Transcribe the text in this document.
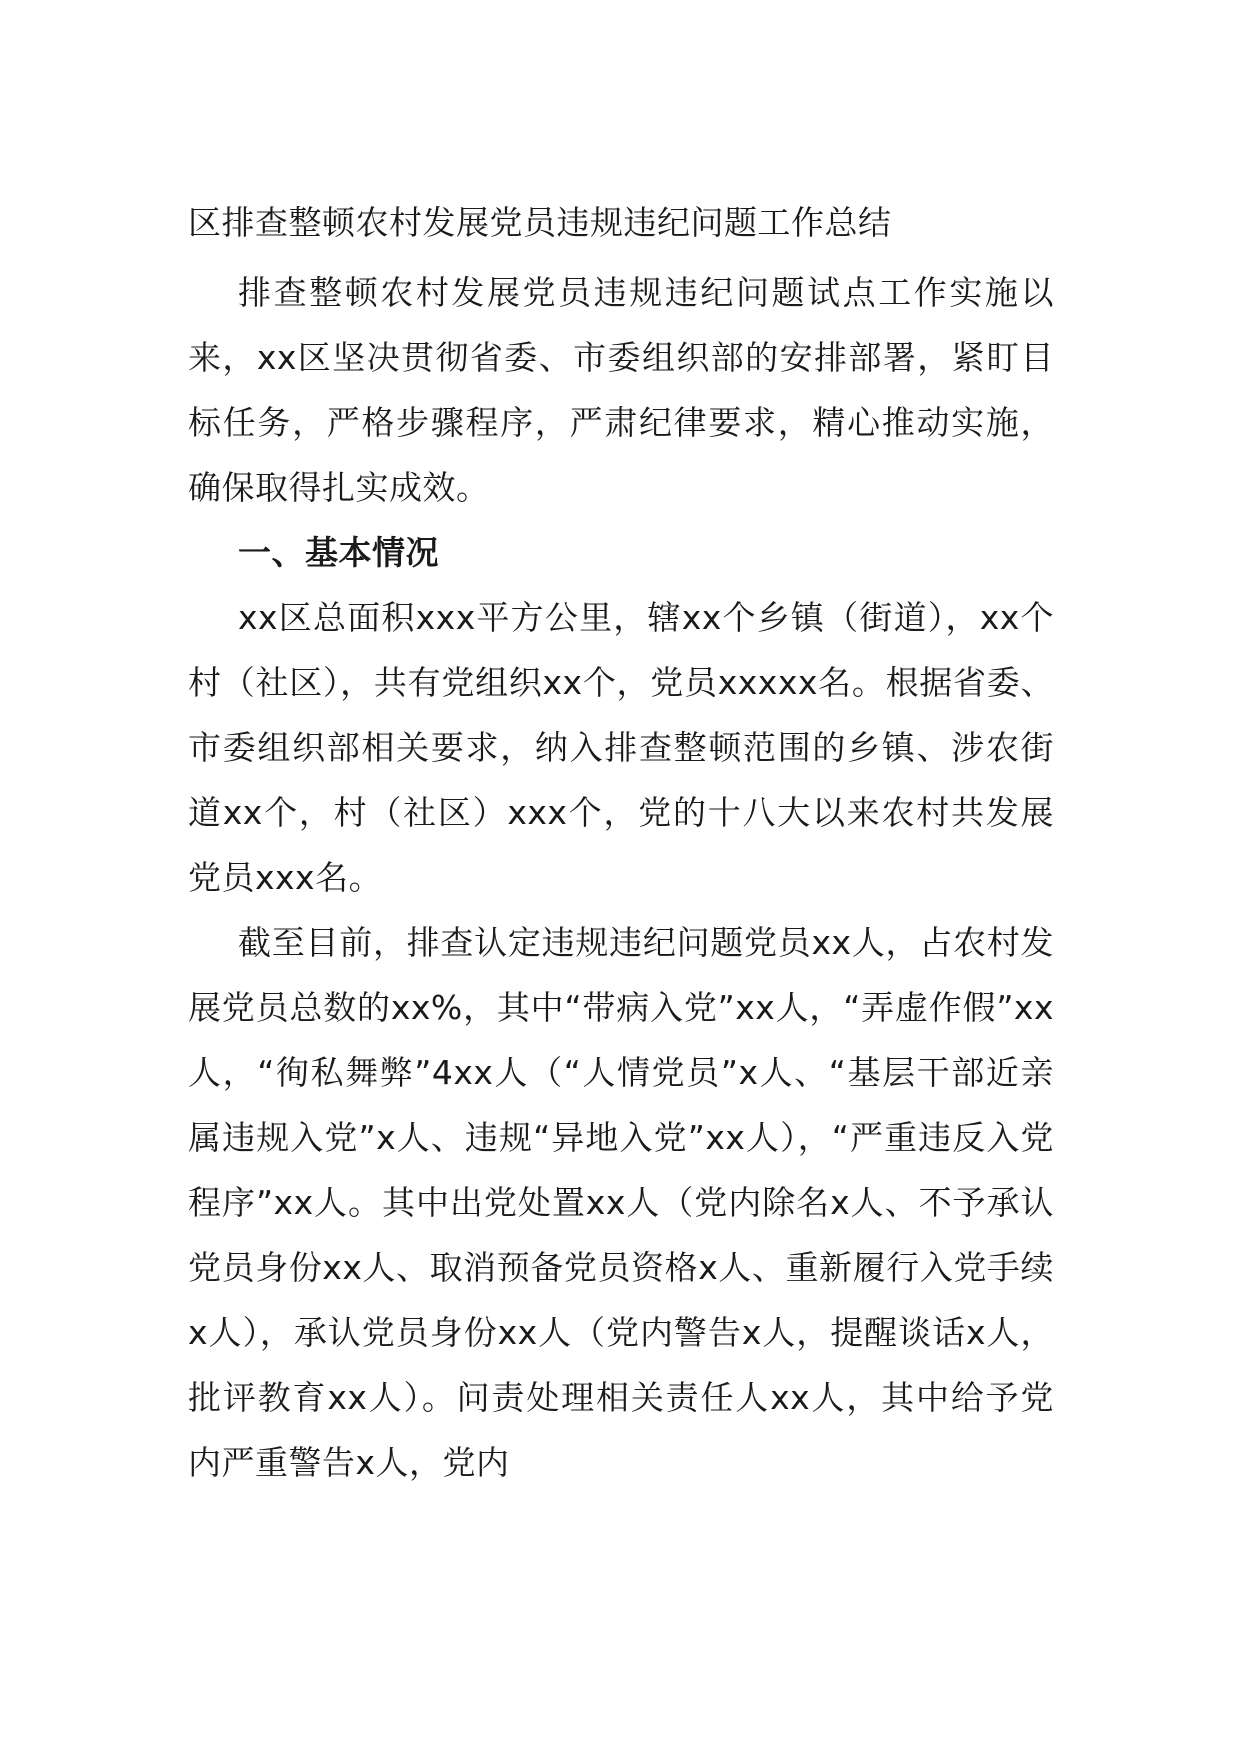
区排查整顿农村发展党员违规违纪问题工作总结

排查整顿农村发展党员违规违纪问题试点工作实施以来，xx区坚决贯彻省委、市委组织部的安排部署，紧盯目标任务，严格步骤程序，严肃纪律要求，精心推动实施，确保取得扎实成效。

一、基本情况

xx区总面积xxx平方公里，辖xx个乡镇（街道），xx个村（社区），共有党组织xx个，党员xxxxx名。根据省委、市委组织部相关要求，纳入排查整顿范围的乡镇、涉农街道xx个，村（社区）xxx个，党的十八大以来农村共发展党员xxx名。

截至目前，排查认定违规违纪问题党员xx人，占农村发展党员总数的xx%，其中“带病入党”xx人，“弄虚作假”xx人，“徇私舞弊”4xx人（“人情党员”x人、“基层干部近亲属违规入党”x人、违规“异地入党”xx人），“严重违反入党程序”xx人。其中出党处置xx人（党内除名x人、不予承认党员身份xx人、取消预备党员资格x人、重新履行入党手续x人），承认党员身份xx人（党内警告x人，提醒谈话x人，批评教育xx人）。问责处理相关责任人xx人，其中给予党内严重警告x人，党内
